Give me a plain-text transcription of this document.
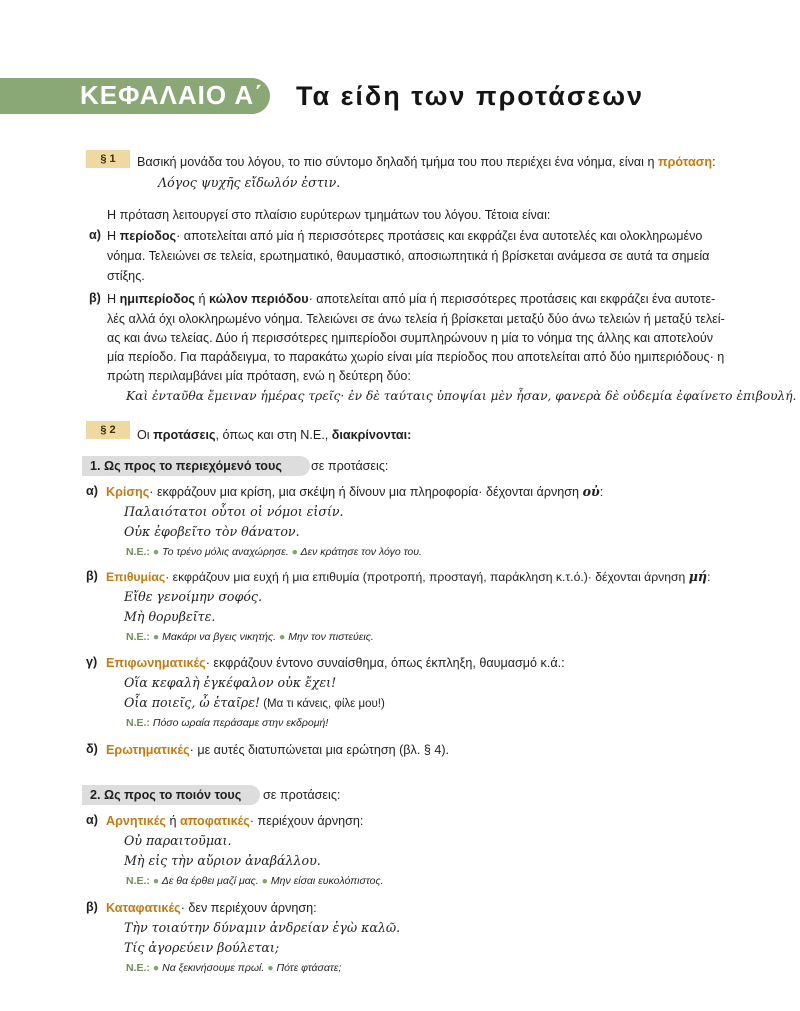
ΚΕΦΑΛΑΙΟ Α΄ Τα είδη των προτάσεων
§ 1	Βασική μονάδα του λόγου, το πιο σύντομο δηλαδή τμήμα του που περιέχει ένα νόημα, είναι η πρόταση:
Λόγος ψυχῆς εἴδωλόν ἐστιν.
Η πρόταση λειτουργεί στο πλαίσιο ευρύτερων τμημάτων του λόγου. Τέτοια είναι:
α) Η περίοδος· αποτελείται από μία ή περισσότερες προτάσεις και εκφράζει ένα αυτοτελές και ολοκληρωμένο
νόημα. Τελειώνει σε τελεία, ερωτηματικό, θαυμαστικό, αποσιωπητικά ή βρίσκεται ανάμεσα σε αυτά τα σημεία
στίξης.
β) Η ημιπερίοδος ή κώλον περιόδου· αποτελείται από μία ή περισσότερες προτάσεις και εκφράζει ένα αυτοτε-
λές αλλά όχι ολοκληρωμένο νόημα. Τελειώνει σε άνω τελεία ή βρίσκεται μεταξύ δύο άνω τελειών ή μεταξύ τελεί-
ας και άνω τελείας. Δύο ή περισσότερες ημιπερίοδοι συμπληρώνουν η μία το νόημα της άλλης και αποτελούν
μία περίοδο. Για παράδειγμα, το παρακάτω χωρίο είναι μία περίοδος που αποτελείται από δύο ημιπεριόδους· η
πρώτη περιλαμβάνει μία πρόταση, ενώ η δεύτερη δύο:
Καὶ ἐνταῦθα ἔμειναν ἡμέρας τρεῖς· ἐν δὲ ταύταις ὑποψίαι μὲν ἦσαν, φανερὰ δὲ οὐδεμία ἐφαίνετο ἐπιβουλή.
§ 2	Οι προτάσεις, όπως και στη Ν.Ε., διακρίνονται:
1. Ως προς το περιεχόμενό τους	σε προτάσεις:
α) Κρίσης· εκφράζουν μια κρίση, μια σκέψη ή δίνουν μια πληροφορία· δέχονται άρνηση οὐ:
Παλαιότατοι οὗτοι οἱ νόμοι εἰσίν.
Οὐκ ἐφοβεῖτο τὸν θάνατον.
Ν.Ε.: ● Το τρένο μόλις αναχώρησε. ● Δεν κράτησε τον λόγο του.
β) Επιθυμίας· εκφράζουν μια ευχή ή μια επιθυμία (προτροπή, προσταγή, παράκληση κ.τ.ό.)· δέχονται άρνηση μή:
Εἴθε γενοίμην σοφός.
Μὴ θορυβεῖτε.
Ν.Ε.: ● Μακάρι να βγεις νικητής. ● Μην τον πιστεύεις.
γ) Επιφωνηματικές· εκφράζουν έντονο συναίσθημα, όπως έκπληξη, θαυμασμό κ.ά.:
Οἵα κεφαλὴ ἐγκέφαλον οὐκ ἔχει!
Οἷα ποιεῖς, ὦ ἑταῖρε! (Μα τι κάνεις, φίλε μου!)
Ν.Ε.: Πόσο ωραία περάσαμε στην εκδρομή!
δ) Ερωτηματικές· με αυτές διατυπώνεται μια ερώτηση (βλ. § 4).
2. Ως προς το ποιόν τους	σε προτάσεις:
α) Αρνητικές ή αποφατικές· περιέχουν άρνηση:
Οὐ παραιτοῦμαι.
Μὴ εἰς τὴν αὔριον ἀναβάλλου.
Ν.Ε.: ● Δε θα έρθει μαζί μας. ● Μην είσαι ευκολόπιστος.
β) Καταφατικές· δεν περιέχουν άρνηση:
Τὴν τοιαύτην δύναμιν ἀνδρείαν ἐγὼ καλῶ.
Τίς ἀγορεύειν βούλεται;
Ν.Ε.: ● Να ξεκινήσουμε πρωί. ● Πότε φτάσατε;
